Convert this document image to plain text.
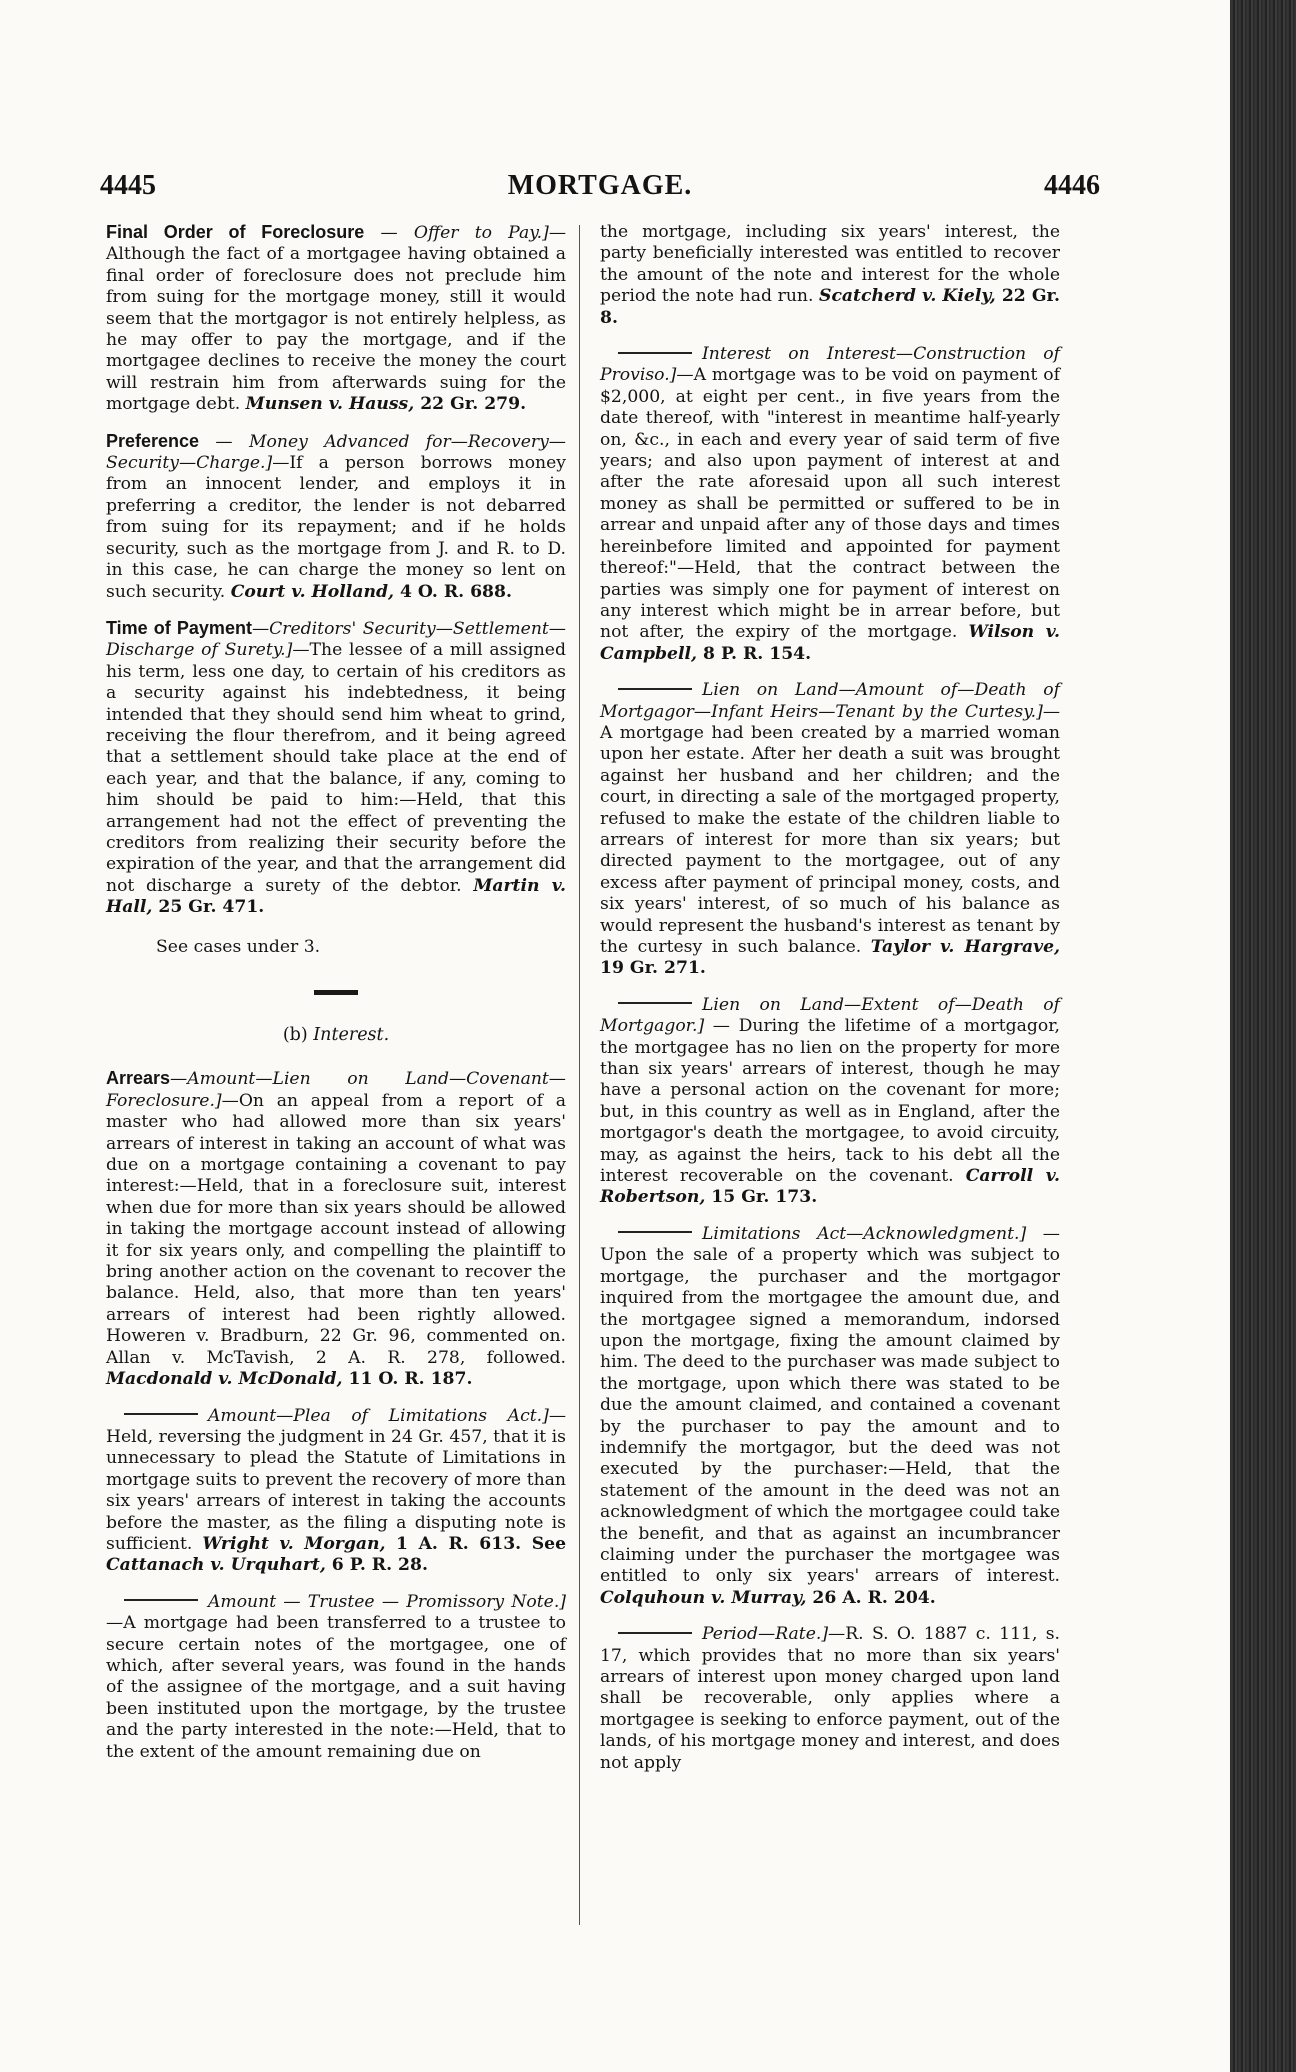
4445	MORTGAGE.	4446

Final Order of Foreclosure — Offer to Pay.]—Although the fact of a mortgagee having obtained a final order of foreclosure does not preclude him from suing for the mortgage money, still it would seem that the mortgagor is not entirely helpless, as he may offer to pay the mortgage, and if the mortgagee declines to receive the money the court will restrain him from afterwards suing for the mortgage debt. Munsen v. Hauss, 22 Gr. 279.

Preference — Money Advanced for—Recovery—Security—Charge.]—If a person borrows money from an innocent lender, and employs it in preferring a creditor, the lender is not debarred from suing for its repayment; and if he holds security, such as the mortgage from J. and R. to D. in this case, he can charge the money so lent on such security. Court v. Holland, 4 O. R. 688.

Time of Payment—Creditors' Security—Settlement—Discharge of Surety.]—The lessee of a mill assigned his term, less one day, to certain of his creditors as a security against his indebtedness, it being intended that they should send him wheat to grind, receiving the flour therefrom, and it being agreed that a settlement should take place at the end of each year, and that the balance, if any, coming to him should be paid to him:—Held, that this arrangement had not the effect of preventing the creditors from realizing their security before the expiration of the year, and that the arrangement did not discharge a surety of the debtor. Martin v. Hall, 25 Gr. 471.

See cases under 3.
(b) Interest.

Arrears—Amount—Lien on Land—Covenant—Foreclosure.]—On an appeal from a report of a master who had allowed more than six years' arrears of interest in taking an account of what was due on a mortgage containing a covenant to pay interest:—Held, that in a foreclosure suit, interest when due for more than six years should be allowed in taking the mortgage account instead of allowing it for six years only, and compelling the plaintiff to bring another action on the covenant to recover the balance. Held, also, that more than ten years' arrears of interest had been rightly allowed. Howeren v. Bradburn, 22 Gr. 96, commented on. Allan v. McTavish, 2 A. R. 278, followed. Macdonald v. McDonald, 11 O. R. 187.

Amount—Plea of Limitations Act.]—Held, reversing the judgment in 24 Gr. 457, that it is unnecessary to plead the Statute of Limitations in mortgage suits to prevent the recovery of more than six years' arrears of interest in taking the accounts before the master, as the filing a disputing note is sufficient. Wright v. Morgan, 1 A. R. 613. See Cattanach v. Urquhart, 6 P. R. 28.

Amount — Trustee — Promissory Note.]—A mortgage had been transferred to a trustee to secure certain notes of the mortgagee, one of which, after several years, was found in the hands of the assignee of the mortgage, and a suit having been instituted upon the mortgage, by the trustee and the party interested in the note:—Held, that to the extent of the amount remaining due on

the mortgage, including six years' interest, the party beneficially interested was entitled to recover the amount of the note and interest for the whole period the note had run. Scatcherd v. Kiely, 22 Gr. 8.

Interest on Interest—Construction of Proviso.]—A mortgage was to be void on payment of $2,000, at eight per cent., in five years from the date thereof, with "interest in meantime half-yearly on, &c., in each and every year of said term of five years; and also upon payment of interest at and after the rate aforesaid upon all such interest money as shall be permitted or suffered to be in arrear and unpaid after any of those days and times hereinbefore limited and appointed for payment thereof:"—Held, that the contract between the parties was simply one for payment of interest on any interest which might be in arrear before, but not after, the expiry of the mortgage. Wilson v. Campbell, 8 P. R. 154.

Lien on Land—Amount of—Death of Mortgagor—Infant Heirs—Tenant by the Curtesy.]—A mortgage had been created by a married woman upon her estate. After her death a suit was brought against her husband and her children; and the court, in directing a sale of the mortgaged property, refused to make the estate of the children liable to arrears of interest for more than six years; but directed payment to the mortgagee, out of any excess after payment of principal money, costs, and six years' interest, of so much of his balance as would represent the husband's interest as tenant by the curtesy in such balance. Taylor v. Hargrave, 19 Gr. 271.

Lien on Land—Extent of—Death of Mortgagor.] — During the lifetime of a mortgagor, the mortgagee has no lien on the property for more than six years' arrears of interest, though he may have a personal action on the covenant for more; but, in this country as well as in England, after the mortgagor's death the mortgagee, to avoid circuity, may, as against the heirs, tack to his debt all the interest recoverable on the covenant. Carroll v. Robertson, 15 Gr. 173.

Limitations Act—Acknowledgment.] —Upon the sale of a property which was subject to mortgage, the purchaser and the mortgagor inquired from the mortgagee the amount due, and the mortgagee signed a memorandum, indorsed upon the mortgage, fixing the amount claimed by him. The deed to the purchaser was made subject to the mortgage, upon which there was stated to be due the amount claimed, and contained a covenant by the purchaser to pay the amount and to indemnify the mortgagor, but the deed was not executed by the purchaser:—Held, that the statement of the amount in the deed was not an acknowledgment of which the mortgagee could take the benefit, and that as against an incumbrancer claiming under the purchaser the mortgagee was entitled to only six years' arrears of interest. Colquhoun v. Murray, 26 A. R. 204.

Period—Rate.]—R. S. O. 1887 c. 111, s. 17, which provides that no more than six years' arrears of interest upon money charged upon land shall be recoverable, only applies where a mortgagee is seeking to enforce payment, out of the lands, of his mortgage money and interest, and does not apply
